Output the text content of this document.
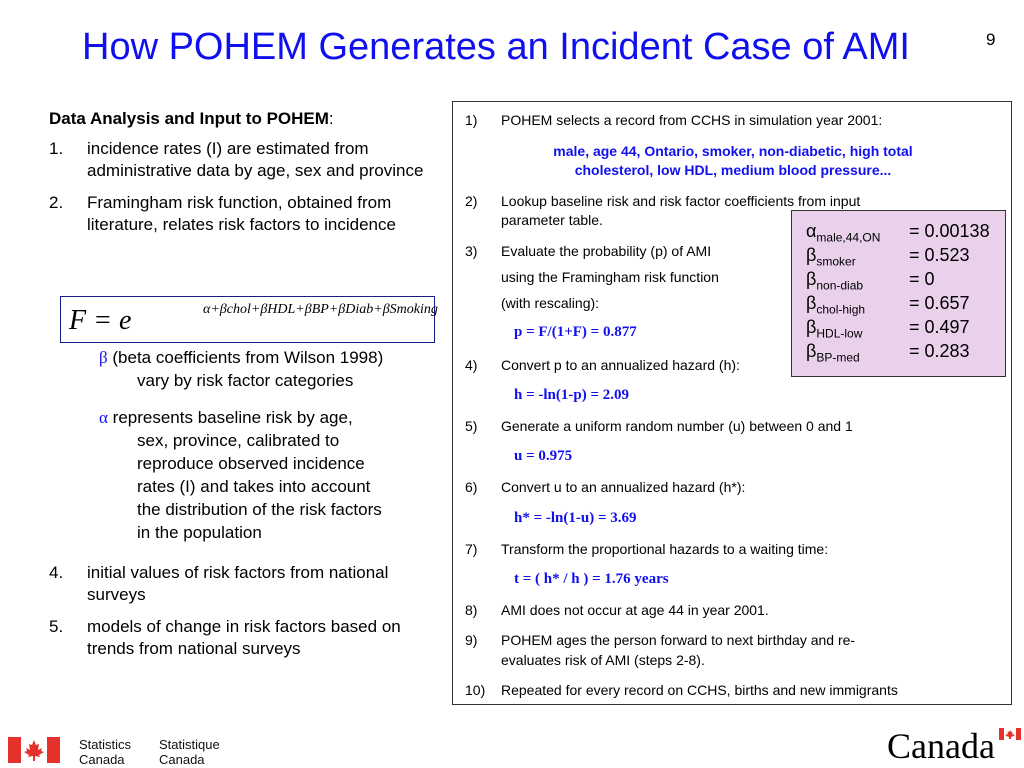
How POHEM Generates an Incident Case of AMI	9
Data Analysis and Input to POHEM:
1. incidence rates (I) are estimated from administrative data by age, sex and province
2. Framingham risk function, obtained from literature, relates risk factors to incidence
F = e	α+βchol+βHDL+βBP+βDiab+βSmoking
β (beta coefficients from Wilson 1998)
vary by risk factor categories
α represents baseline risk by age,
sex, province, calibrated to
reproduce observed incidence
rates (I) and takes into account
the distribution of the risk factors
in the population
4. initial values of risk factors from national surveys
5. models of change in risk factors based on trends from national surveys
1) POHEM selects a record from CCHS in simulation year 2001:
male, age 44, Ontario, smoker, non-diabetic, high total
cholesterol, low HDL, medium blood pressure...
2) Lookup baseline risk and risk factor coefficients from input
parameter table.
3) Evaluate the probability (p) of AMI
using the Framingham risk function
(with rescaling):
p = F/(1+F) = 0.877
4) Convert p to an annualized hazard (h):
h = -ln(1-p) = 2.09
5) Generate a uniform random number (u) between 0 and 1
u = 0.975
6) Convert u to an annualized hazard (h*):
h* = -ln(1-u) = 3.69
7) Transform the proportional hazards to a waiting time:
t = ( h* / h ) = 1.76 years
8) AMI does not occur at age 44 in year 2001.
9) POHEM ages the person forward to next birthday and re-
evaluates risk of AMI (steps 2-8).
10) Repeated for every record on CCHS, births and new immigrants
$\alpha_{male,44,ON} = 0.00138$
$\beta_{smoker}$	= 0.523
$\beta_{non-diab}$	= 0
$\beta_{chol-high} = 0.657$
$\beta_{HDL-low}$	= 0.497
$\beta_{BP-med}$	= 0.283
Statistics
Canada
Statistique
Canada	Canada
